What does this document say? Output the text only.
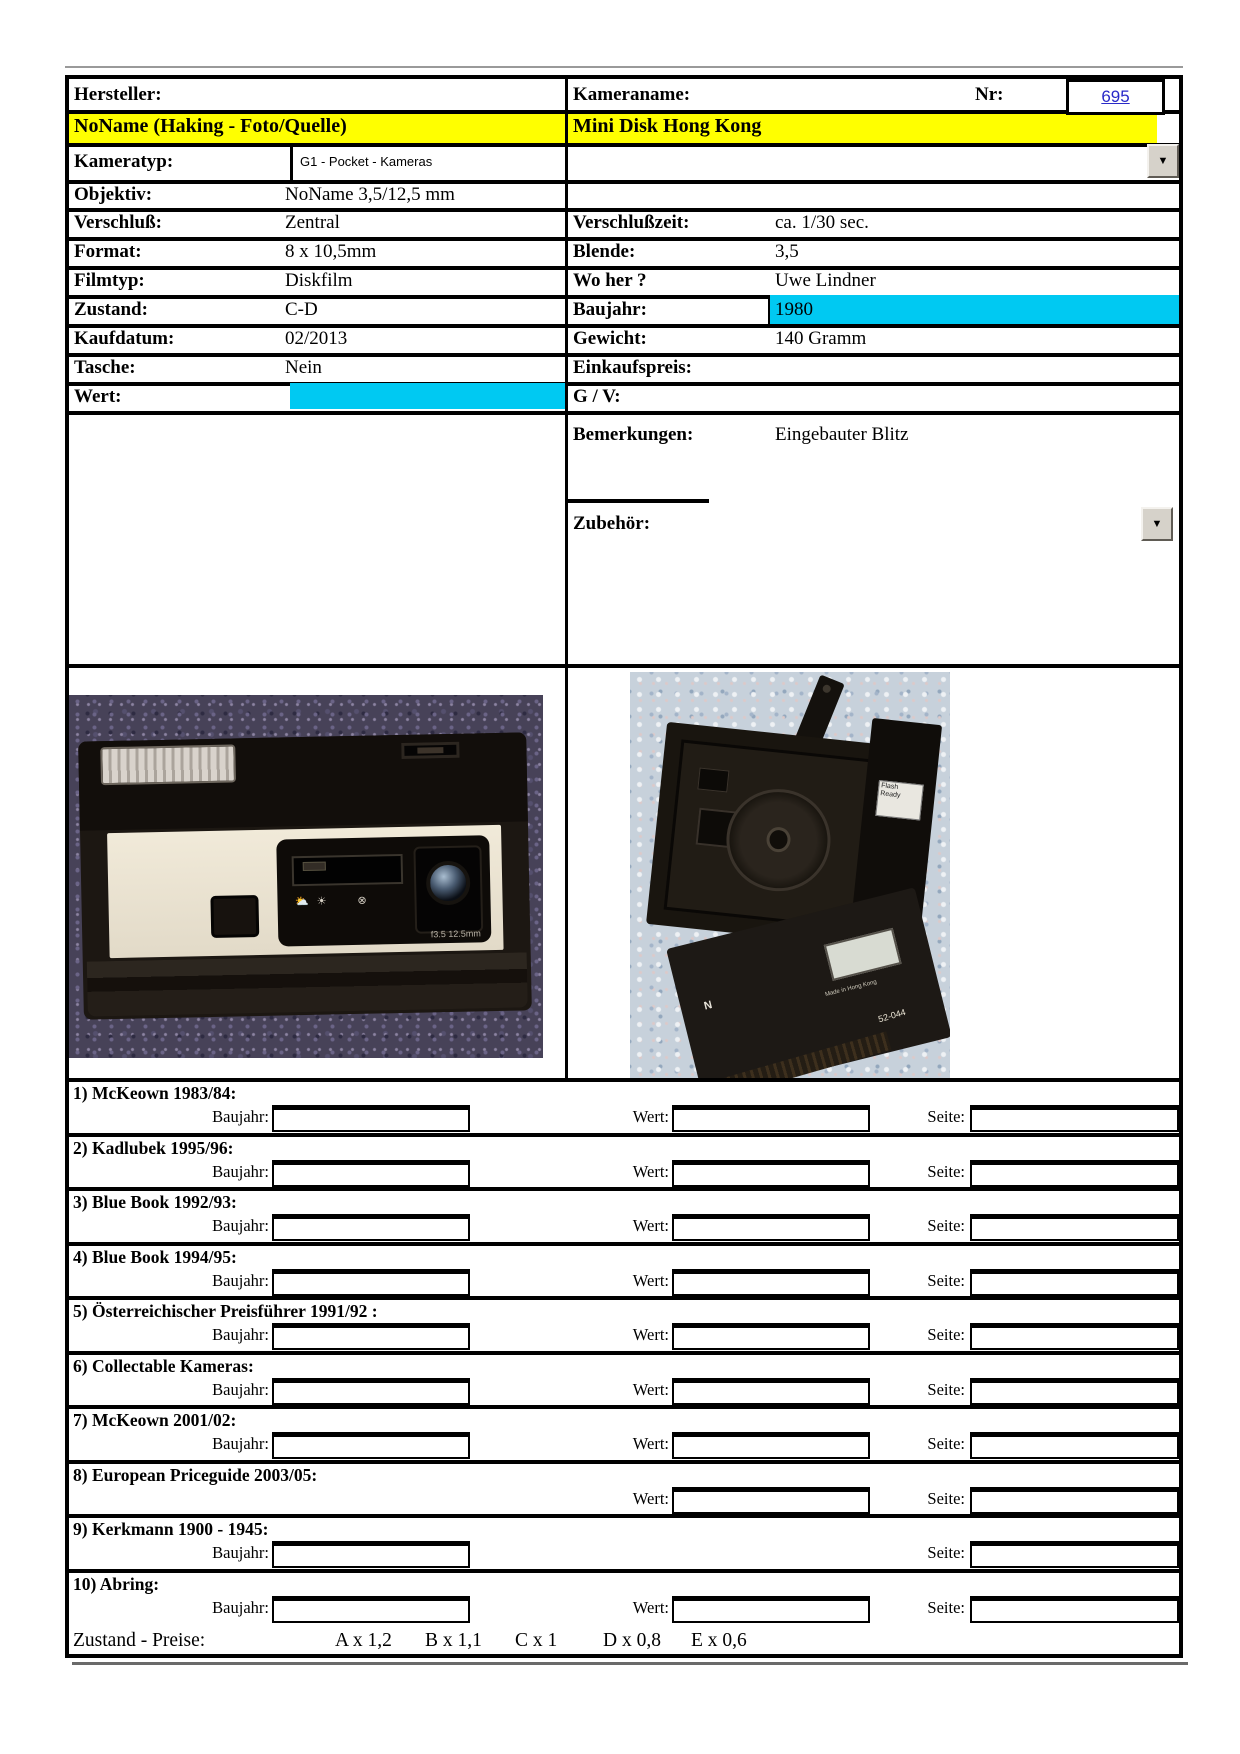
Hersteller:	Kameraname:	Nr:	695
NoName (Haking - Foto/Quelle)	Mini Disk Hong Kong
Kameratyp:	G1 - Pocket - Kameras	▼
Objektiv:	NoName 3,5/12,5 mm
Verschluß:	Zentral	Verschlußzeit:	ca. 1/30 sec.
Format:	8 x 10,5mm	Blende:	3,5
Filmtyp:	Diskfilm	Wo her ?	Uwe Lindner
Zustand:	C-D	Baujahr:	1980
Kaufdatum:	02/2013	Gewicht:	140 Gramm
Tasche:	Nein	Einkaufspreis:
Wert:	G / V:
Bemerkungen:	Eingebauter Blitz
Zubehör:	▼
⛅☀  ⊗
f3.5 12.5mm
Flash Ready
N
Made in Hong Kong
52-044
1) McKeown 1983/84:
Baujahr:	Wert:	Seite:
2) Kadlubek 1995/96:
Baujahr:	Wert:	Seite:
3) Blue Book 1992/93:
Baujahr:	Wert:	Seite:
4) Blue Book 1994/95:
Baujahr:	Wert:	Seite:
5) Österreichischer Preisführer 1991/92 :
Baujahr:	Wert:	Seite:
6) Collectable Kameras:
Baujahr:	Wert:	Seite:
7) McKeown 2001/02:
Baujahr:	Wert:	Seite:
8) European Priceguide 2003/05:
Wert:	Seite:
9) Kerkmann 1900 - 1945:
Baujahr:	Seite:
10) Abring:
Baujahr:	Wert:	Seite:
Zustand - Preise:	A x 1,2 B x 1,1 C x 1 D x 0,8 E x 0,6
